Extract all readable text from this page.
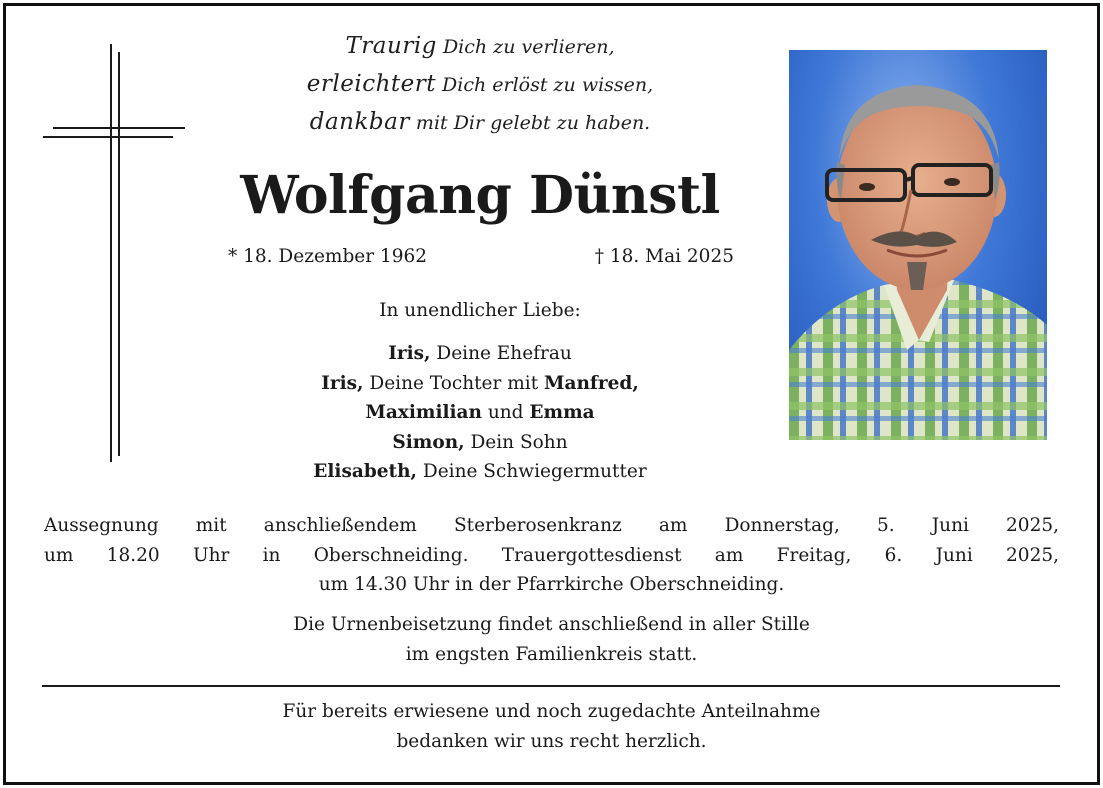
Traurig Dich zu verlieren,
erleichtert Dich erlöst zu wissen,
dankbar mit Dir gelebt zu haben.
Wolfgang Dünstl
* 18. Dezember 1962	† 18. Mai 2025
In unendlicher Liebe:
Iris, Deine Ehefrau
Iris, Deine Tochter mit Manfred,
Maximilian und Emma
Simon, Dein Sohn
Elisabeth, Deine Schwiegermutter
Aussegnung mit anschließendem Sterberosenkranz am Donnerstag, 5. Juni 2025,
um 18.20 Uhr in Oberschneiding. Trauergottesdienst am Freitag, 6. Juni 2025,
um 14.30 Uhr in der Pfarrkirche Oberschneiding.
Die Urnenbeisetzung findet anschließend in aller Stille
im engsten Familienkreis statt.
Für bereits erwiesene und noch zugedachte Anteilnahme
bedanken wir uns recht herzlich.
